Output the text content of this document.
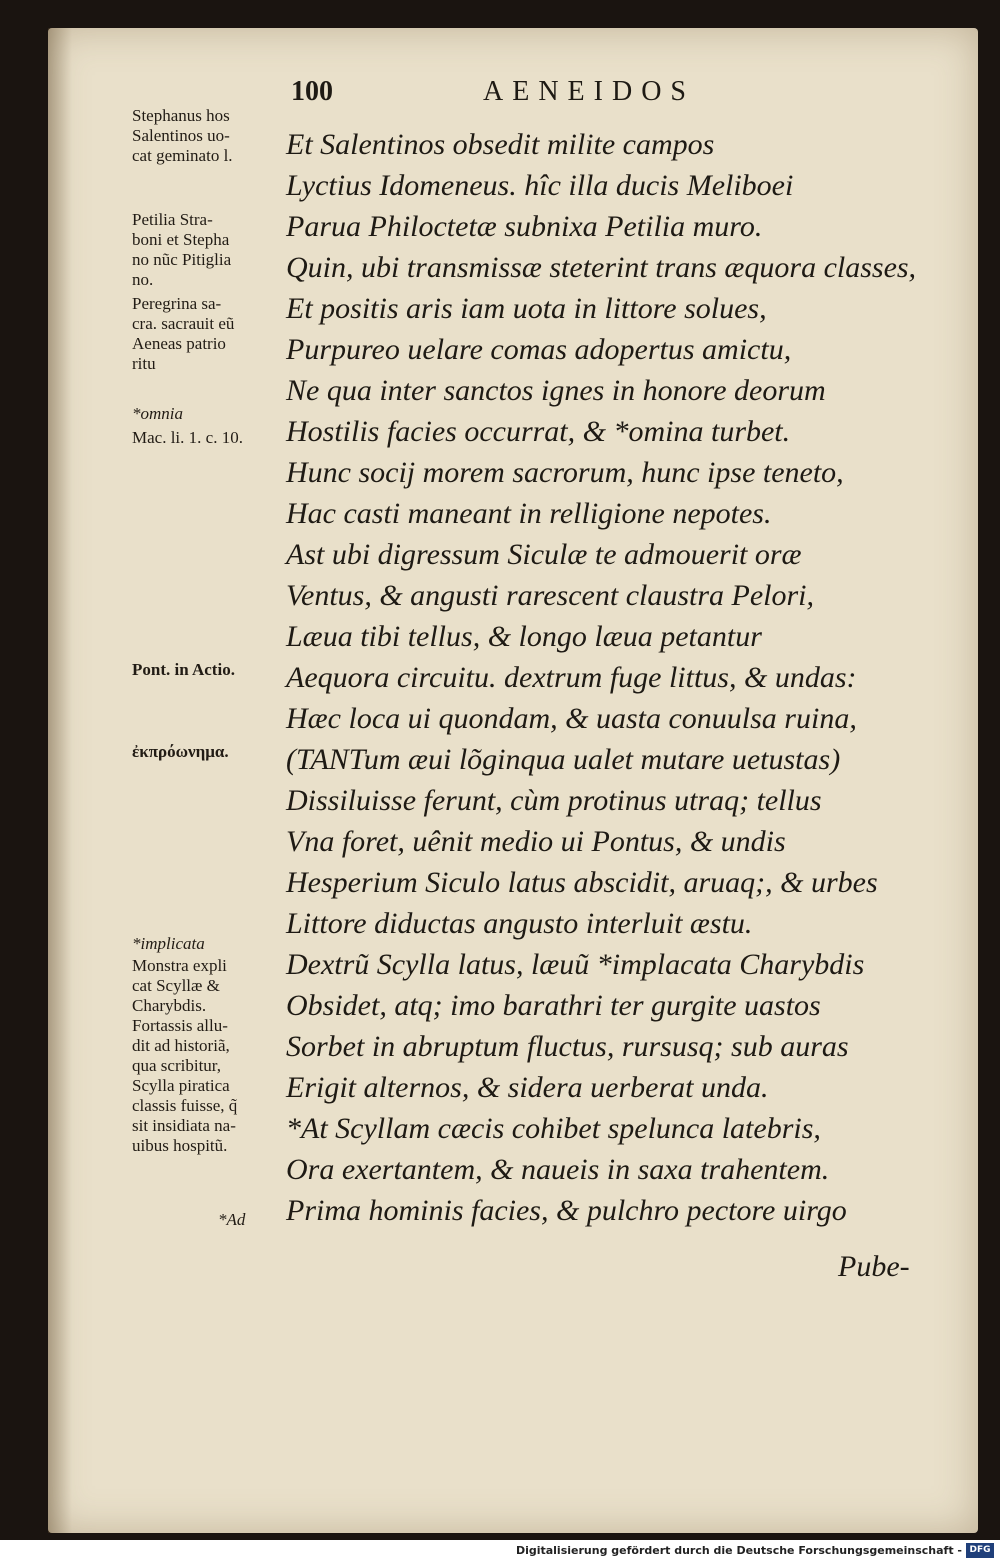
100	AENEIDOS
Et Salentinos obsedit milite campos
Lyctius Idomeneus. hîc illa ducis Meliboei
Parua Philoctetæ subnixa Petilia muro.
Quin, ubi transmissæ steterint trans æquora classes,
Et positis aris iam uota in littore solues,
Purpureo uelare comas adopertus amictu,
Ne qua inter sanctos ignes in honore deorum
Hostilis facies occurrat, & *omina turbet.
Hunc socij morem sacrorum, hunc ipse teneto,
Hac casti maneant in relligione nepotes.
Ast ubi digressum Siculæ te admouerit oræ
Ventus, & angusti rarescent claustra Pelori,
Læua tibi tellus, & longo læua petantur
Aequora circuitu. dextrum fuge littus, & undas:
Hæc loca ui quondam, & uasta conuulsa ruina,
(TANTum æui lõginqua ualet mutare uetustas)
Dissiluisse ferunt, cùm protinus utraq; tellus
Vna foret, uênit medio ui Pontus, & undis
Hesperium Siculo latus abscidit, aruaq;, & urbes
Littore diductas angusto interluit æstu.
Dextrũ Scylla latus, læuũ *implacata Charybdis
Obsidet, atq; imo barathri ter gurgite uastos
Sorbet in abruptum fluctus, rursusq; sub auras
Erigit alternos, & sidera uerberat unda.
*At Scyllam cæcis cohibet spelunca latebris,
Ora exertantem, & naueis in saxa trahentem.
Prima hominis facies, & pulchro pectore uirgo
Pube-
Stephanus hos
Salentinos uo-
cat geminato l.
Petilia Stra-
boni et Stepha
no nũc Pitiglia
no.
Peregrina sa-
cra. sacrauit eũ
Aeneas patrio
ritu
*omnia
Mac. li. 1. c. 10.
Pont. in Actio.
ἐκπρόωνημα.
*implicata
Monstra expli
cat Scyllæ &
Charybdis.
Fortassis allu-
dit ad historiã,
qua scribitur,
Scylla piratica
classis fuisse, q̃
sit insidiata na-
uibus hospitũ.
*Ad
Digitalisierung gefördert durch die Deutsche Forschungsgemeinschaft - DFG
